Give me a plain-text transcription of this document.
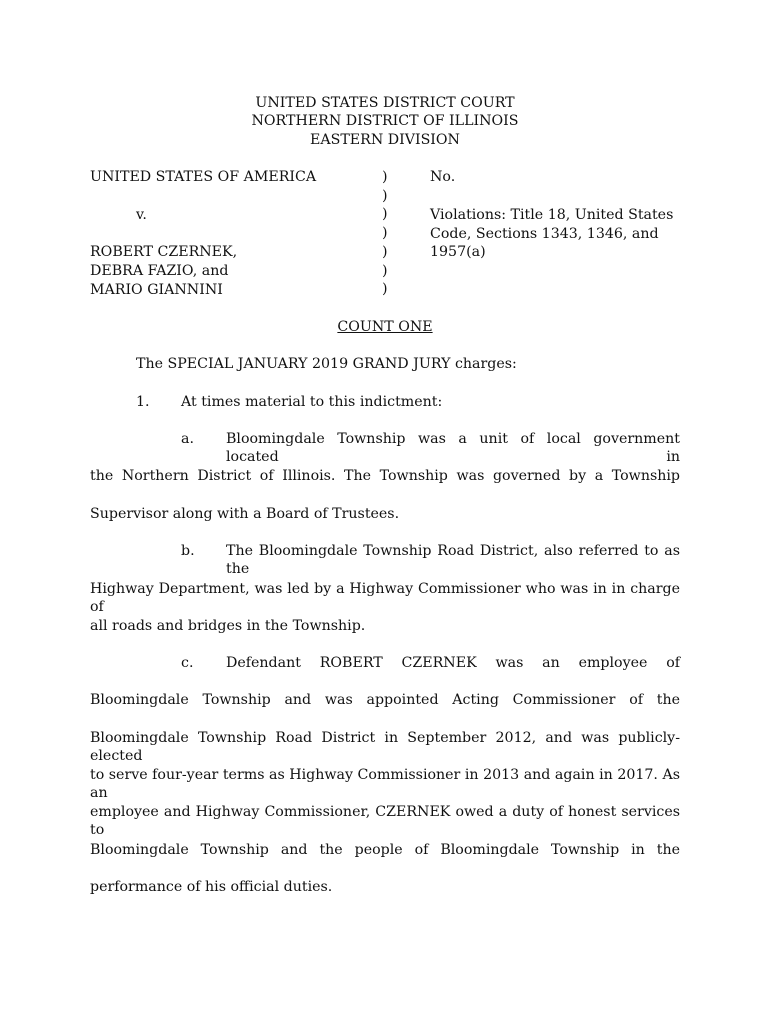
UNITED STATES DISTRICT COURT
NORTHERN DISTRICT OF ILLINOIS
EASTERN DIVISION
UNITED STATES OF AMERICA
v.
ROBERT CZERNEK,
DEBRA FAZIO, and
MARIO GIANNINI
)
)
)
)
)
)
)
No.
Violations: Title 18, United States
Code, Sections 1343, 1346, and
1957(a)
COUNT ONE
The SPECIAL JANUARY 2019 GRAND JURY charges:
1. At times material to this indictment:
a. Bloomingdale Township was a unit of local government located in
the Northern District of Illinois. The Township was governed by a Township
Supervisor along with a Board of Trustees.
b. The Bloomingdale Township Road District, also referred to as the
Highway Department, was led by a Highway Commissioner who was in in charge of
all roads and bridges in the Township.
c. Defendant ROBERT CZERNEK was an employee of
Bloomingdale Township and was appointed Acting Commissioner of the
Bloomingdale Township Road District in September 2012, and was publicly-elected
to serve four-year terms as Highway Commissioner in 2013 and again in 2017. As an
employee and Highway Commissioner, CZERNEK owed a duty of honest services to
Bloomingdale Township and the people of Bloomingdale Township in the
performance of his official duties.
